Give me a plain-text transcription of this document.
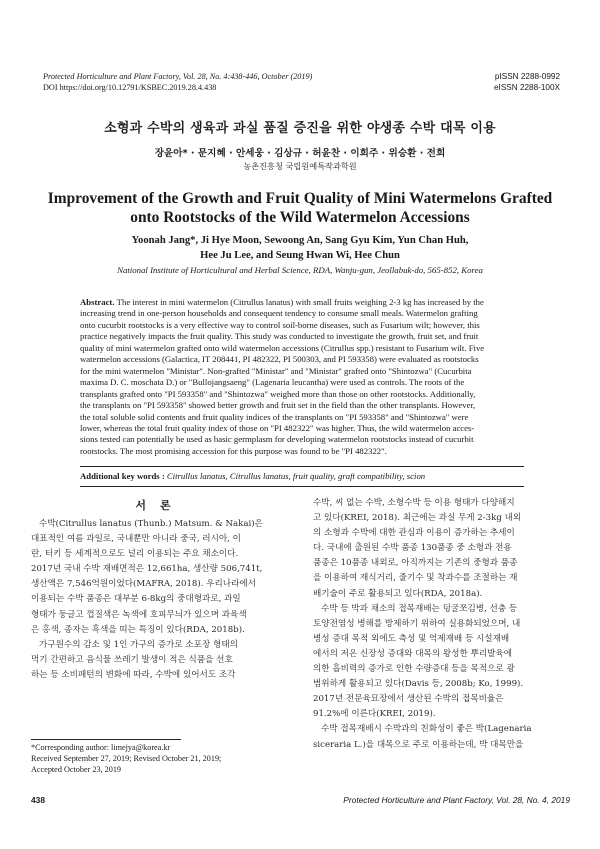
Protected Horticulture and Plant Factory, Vol. 28, No. 4:438-446, October (2019)
DOI https://doi.org/10.12791/KSBEC.2019.28.4.438
pISSN 2288-0992
eISSN 2288-100X
소형과 수박의 생육과 과실 품질 증진을 위한 야생종 수박 대목 이용
장윤아* · 문지혜 · 안세웅 · 김상규 · 허윤찬 · 이희주 · 위승환 · 전희
농촌진흥청 국립원예특작과학원
Improvement of the Growth and Fruit Quality of Mini Watermelons Grafted
onto Rootstocks of the Wild Watermelon Accessions
Yoonah Jang*, Ji Hye Moon, Sewoong An, Sang Gyu Kim, Yun Chan Huh,
Hee Ju Lee, and Seung Hwan Wi, Hee Chun
National Institute of Horticultural and Herbal Science, RDA, Wanju-gun, Jeollabuk-do, 565-852, Korea
Abstract. The interest in mini watermelon (Citrullus lanatus) with small fruits weighing 2-3 kg has increased by the
increasing trend in one-person households and consequent tendency to consume small meals. Watermelon grafting
onto cucurbit rootstocks is a very effective way to control soil-borne diseases, such as Fusarium wilt; however, this
practice negatively impacts the fruit quality. This study was conducted to investigate the growth, fruit set, and fruit
quality of mini watermelon grafted onto wild watermelon accessions (Citrullus spp.) resistant to Fusarium wilt. Five
watermelon accessions (Galactica, IT 208441, PI 482322, PI 500303, and PI 593358) were evaluated as rootstocks
for the mini watermelon "Ministar". Non-grafted "Ministar" and "Ministar" grafted onto "Shintozwa" (Cucurbita
maxima D. C. moschata D.) or "Bullojangsaeng" (Lagenaria leucantha) were used as controls. The roots of the
transplants grafted onto "PI 593358" and "Shintozwa" weighed more than those on other rootstocks. Additionally,
the transplants on "PI 593358" showed better growth and fruit set in the field than the other transplants. However,
the total soluble solid contents and fruit quality indices of the transplants on "PI 593358" and "Shintozwa" were
lower, whereas the total fruit quality index of those on "PI 482322" was higher. Thus, the wild watermelon acces-
sions tested can potentially be used as basic germplasm for developing watermelon rootstocks instead of cucurbit
rootstocks. The most promising accession for this purpose was found to be "PI 482322".
Additional key words : Citrullus lanatus, Citrullus lanatus, fruit quality, graft compatibility, scion
서론
수박(Citrullus lanatus (Thunb.) Matsum. & Nakai)은
대표적인 여름 과일로, 국내뿐만 아니라 중국, 러시아, 이
란, 터키 등 세계적으로도 널리 이용되는 주요 채소이다.
2017년 국내 수박 재배면적은 12,661ha, 생산량 506,741t,
생산액은 7,546억원이었다(MAFRA, 2018). 우리나라에서
이용되는 수박 품종은 대부분 6-8kg의 중대형과로, 과일
형태가 둥글고 껍질색은 녹색에 호피무늬가 있으며 과육색
은 홍색, 종자는 흑색을 띠는 특징이 있다(RDA, 2018b).
가구원수의 감소 및 1인 가구의 증가로 소포장 형태의
먹기 간편하고 음식물 쓰레기 발생이 적은 식품을 선호
하는 등 소비패턴의 변화에 따라, 수박에 있어서도 조각
수박, 씨 없는 수박, 소형수박 등 이용 형태가 다양해지
고 있다(KREI, 2018). 최근에는 과실 무게 2-3kg 내외
의 소형과 수박에 대한 관심과 이용이 증가하는 추세이
다. 국내에 출원된 수박 품종 130품종 중 소형과 전용
품종은 10품종 내외로, 아직까지는 기존의 중형과 품종
을 이용하여 재식거리, 줄기수 및 착과수를 조절하는 재
배기술이 주로 활용되고 있다(RDA, 2018a).
수박 등 박과 채소의 접목재배는 덩굴쪼김병, 선충 등
토양전염성 병해를 방제하기 위하여 실용화되었으며, 내
병성 증대 목적 외에도 측성 및 억제재배 등 시설재배
에서의 저온 신장성 증대와 대목의 왕성한 뿌리발육에
의한 흡비력의 증가로 인한 수량증대 등을 목적으로 광
범위하게 활용되고 있다(Davis 등, 2008b; Ko, 1999).
2017년 전문육묘장에서 생산된 수박의 접목비율은
91.2%에 이른다(KREI, 2019).
수박 접목재배시 수박과의 친화성이 좋은 박(Lagenaria
siceraria L.)을 대목으로 주로 이용하는데, 박 대목만을
*Corresponding author: limejya@korea.kr
Received September 27, 2019; Revised October 21, 2019;
Accepted October 23, 2019
438	Protected Horticulture and Plant Factory, Vol. 28, No. 4, 2019
